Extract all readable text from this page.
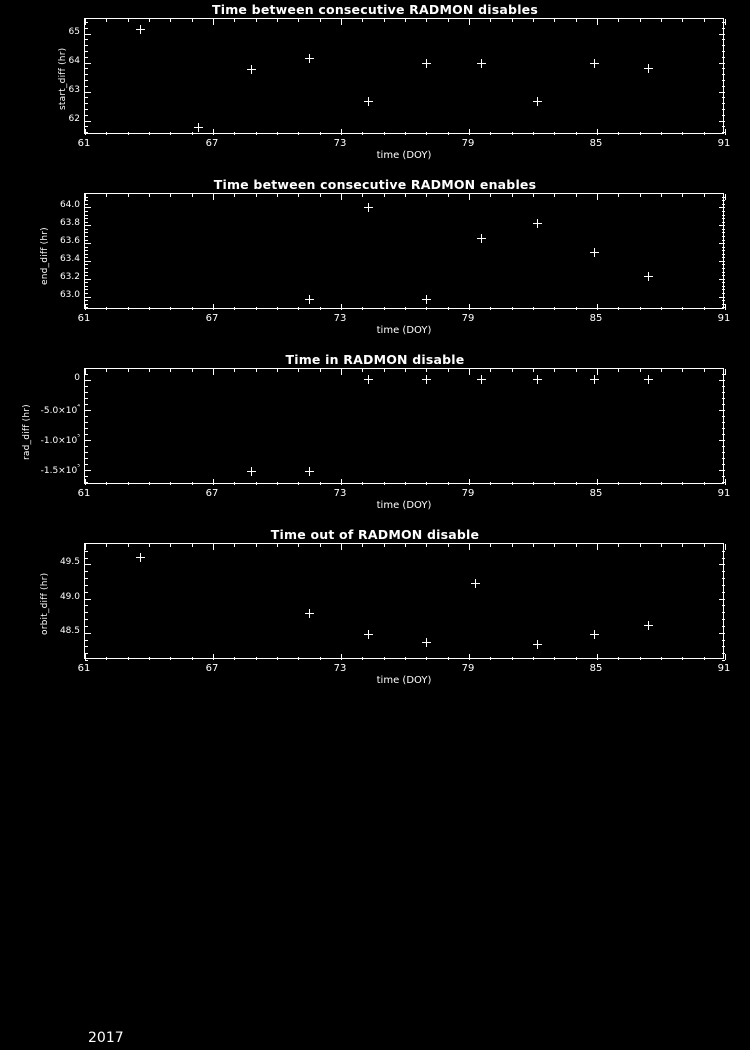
Time between consecutive RADMON disables
start_diff (hr)
time (DOY)
Time between consecutive RADMON enables
end_diff (hr)
time (DOY)
Time in RADMON disable
rad_diff (hr)
time (DOY)
Time out of RADMON disable
orbit_diff (hr)
time (DOY)
2017
61	67	73	79	85	91
62
63
64
65
61	67	73	79	85	91
63.0
63.2
63.4
63.6
63.8
64.0
61	67	73	79	85	91
0
$-5.0\times 10^{^4}$
$-1.0\times 10^{^5}$
$-1.5\times 10^{^5}$
61	67	73	79	85	91
48.5
49.0
49.5
